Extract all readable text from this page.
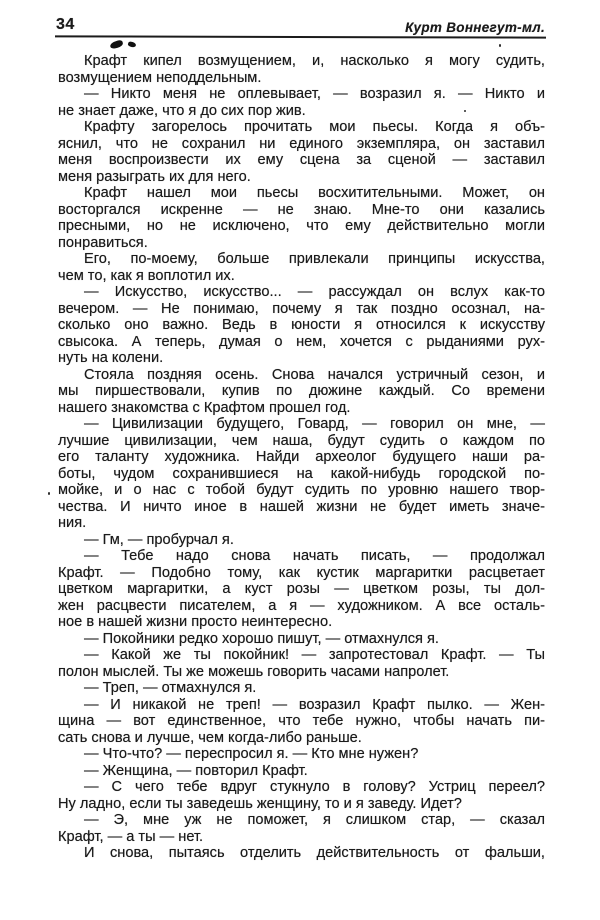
34	Курт Воннегут-мл.
Крафт кипел возмущением, и, насколько я могу судить,
возмущением неподдельным.
— Никто меня не оплевывает, — возразил я. — Никто и
не знает даже, что я до сих пор жив.
Крафту загорелось прочитать мои пьесы. Когда я объ-
яснил, что не сохранил ни единого экземпляра, он заставил
меня воспроизвести их ему сцена за сценой — заставил
меня разыграть их для него.
Крафт нашел мои пьесы восхитительными. Может, он
восторгался искренне — не знаю. Мне-то они казались
пресными, но не исключено, что ему действительно могли
понравиться.
Его, по-моему, больше привлекали принципы искусства,
чем то, как я воплотил их.
— Искусство, искусство... — рассуждал он вслух как-то
вечером. — Не понимаю, почему я так поздно осознал, на-
сколько оно важно. Ведь в юности я относился к искусству
свысока. А теперь, думая о нем, хочется с рыданиями рух-
нуть на колени.
Стояла поздняя осень. Снова начался устричный сезон, и
мы пиршествовали, купив по дюжине каждый. Со времени
нашего знакомства с Крафтом прошел год.
— Цивилизации будущего, Говард, — говорил он мне, —
лучшие цивилизации, чем наша, будут судить о каждом по
его таланту художника. Найди археолог будущего наши ра-
боты, чудом сохранившиеся на какой-нибудь городской по-
мойке, и о нас с тобой будут судить по уровню нашего твор-
чества. И ничто иное в нашей жизни не будет иметь значе-
ния.
— Гм, — пробурчал я.
— Тебе надо снова начать писать, — продолжал
Крафт. — Подобно тому, как кустик маргаритки расцветает
цветком маргаритки, а куст розы — цветком розы, ты дол-
жен расцвести писателем, а я — художником. А все осталь-
ное в нашей жизни просто неинтересно.
— Покойники редко хорошо пишут, — отмахнулся я.
— Какой же ты покойник! — запротестовал Крафт. — Ты
полон мыслей. Ты же можешь говорить часами напролет.
— Треп, — отмахнулся я.
— И никакой не треп! — возразил Крафт пылко. — Жен-
щина — вот единственное, что тебе нужно, чтобы начать пи-
сать снова и лучше, чем когда-либо раньше.
— Что-что? — переспросил я. — Кто мне нужен?
— Женщина, — повторил Крафт.
— С чего тебе вдруг стукнуло в голову? Устриц переел?
Ну ладно, если ты заведешь женщину, то и я заведу. Идет?
— Э, мне уж не поможет, я слишком стар, — сказал
Крафт, — а ты — нет.
И снова, пытаясь отделить действительность от фальши,
